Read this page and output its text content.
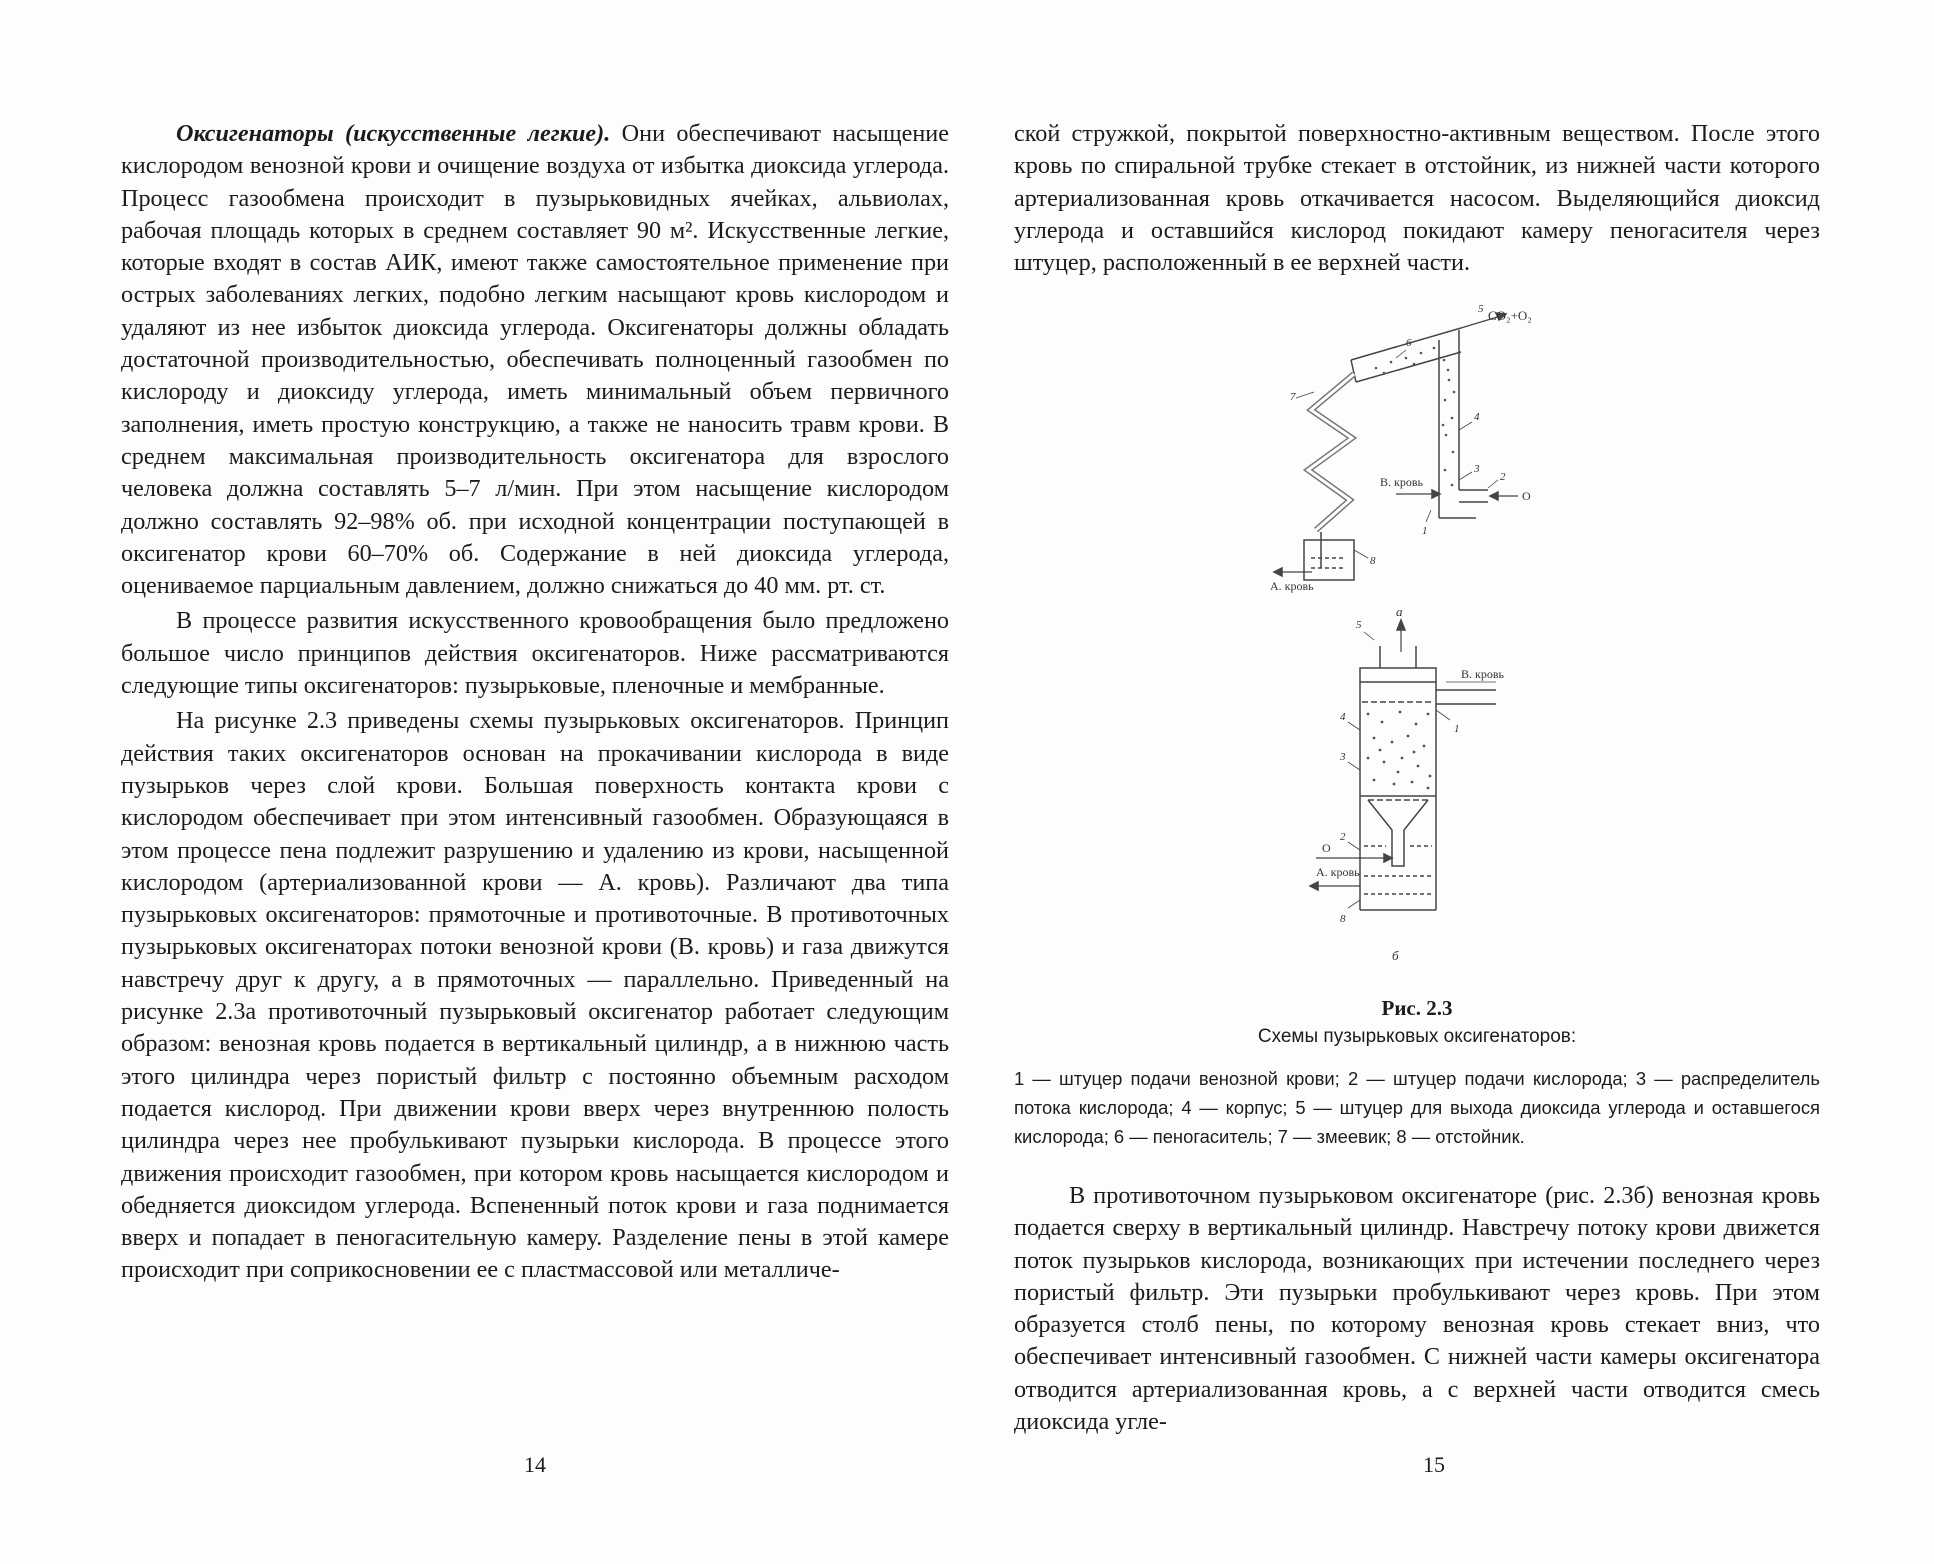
Оксигенаторы (искусственные легкие). Они обеспечивают насыщение кислородом венозной крови и очищение воздуха от избытка диоксида углерода. Процесс газообмена происходит в пузырьковидных ячейках, альвиолах, рабочая площадь которых в среднем составляет 90 м². Искусственные легкие, которые входят в состав АИК, имеют также самостоятельное применение при острых заболеваниях легких, подобно легким насыщают кровь кислородом и удаляют из нее избыток диоксида углерода. Оксигенаторы должны обладать достаточной производительностью, обеспечивать полноценный газообмен по кислороду и диоксиду углерода, иметь минимальный объем первичного заполнения, иметь простую конструкцию, а также не наносить травм крови. В среднем максимальная производительность оксигенатора для взрослого человека должна составлять 5–7 л/мин. При этом насыщение кислородом должно составлять 92–98% об. при исходной концентрации поступающей в оксигенатор крови 60–70% об. Содержание в ней диоксида углерода, оцениваемое парциальным давлением, должно снижаться до 40 мм. рт. ст.

В процессе развития искусственного кровообращения было предложено большое число принципов действия оксигенаторов. Ниже рассматриваются следующие типы оксигенаторов: пузырьковые, пленочные и мембранные.

На рисунке 2.3 приведены схемы пузырьковых оксигенаторов. Принцип действия таких оксигенаторов основан на прокачивании кислорода в виде пузырьков через слой крови. Большая поверхность контакта крови с кислородом обеспечивает при этом интенсивный газообмен. Образующаяся в этом процессе пена подлежит разрушению и удалению из крови, насыщенной кислородом (артериализованной крови — А. кровь). Различают два типа пузырьковых оксигенаторов: прямоточные и противоточные. В противоточных пузырьковых оксигенаторах потоки венозной крови (В. кровь) и газа движутся навстречу друг к другу, а в прямоточных — параллельно. Приведенный на рисунке 2.3а противоточный пузырьковый оксигенатор работает следующим образом: венозная кровь подается в вертикальный цилиндр, а в нижнюю часть этого цилиндра через пористый фильтр с постоянно объемным расходом подается кислород. При движении крови вверх через внутреннюю полость цилиндра через нее пробулькивают пузырьки кислорода. В процессе этого движения происходит газообмен, при котором кровь насыщается кислородом и обедняется диоксидом углерода. Вспененный поток крови и газа поднимается вверх и попадает в пеногасительную камеру. Разделение пены в этой камере происходит при соприкосновении ее с пластмассовой или металличе-

14

ской стружкой, покрытой поверхностно-активным веществом. После этого кровь по спиральной трубке стекает в отстойник, из нижней части которого артериализованная кровь откачивается насосом. Выделяющийся диоксид углерода и оставшийся кислород покидают камеру пеногасителя через штуцер, расположенный в ее верхней части.

CO₂+O₂
В. кровь
А. кровь
O
6
4
3
2
1
8
7
5
а
В. кровь
А. кровь
O
5
4
3
2
1
8
б
Рис. 2.3
Схемы пузырьковых оксигенаторов:
1 — штуцер подачи венозной крови; 2 — штуцер подачи кислорода; 3 — распределитель потока кислорода; 4 — корпус; 5 — штуцер для выхода диоксида углерода и оставшегося кислорода; 6 — пеногаситель; 7 — змеевик; 8 — отстойник.

В противоточном пузырьковом оксигенаторе (рис. 2.3б) венозная кровь подается сверху в вертикальный цилиндр. Навстречу потоку крови движется поток пузырьков кислорода, возникающих при истечении последнего через пористый фильтр. Эти пузырьки пробулькивают через кровь. При этом образуется столб пены, по которому венозная кровь стекает вниз, что обеспечивает интенсивный газообмен. С нижней части камеры оксигенатора отводится артериализованная кровь, а с верхней части отводится смесь диоксида угле-

15
